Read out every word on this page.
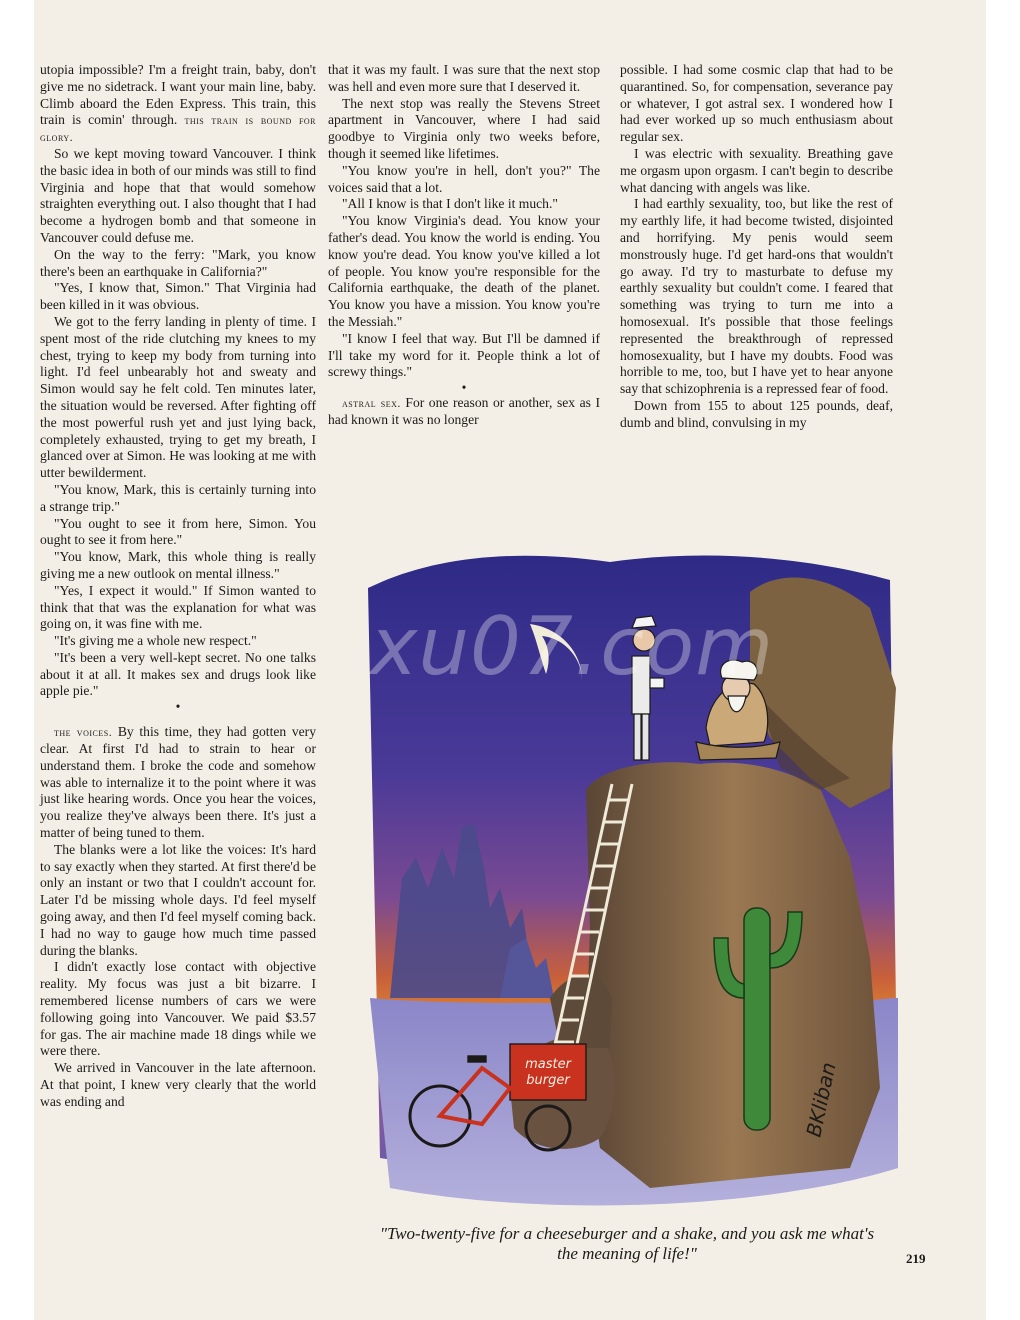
utopia impossible? I'm a freight train, baby, don't give me no sidetrack. I want your main line, baby. Climb aboard the Eden Express. This train, this train is comin' through. this train is bound for glory.

So we kept moving toward Vancouver. I think the basic idea in both of our minds was still to find Virginia and hope that that would somehow straighten everything out. I also thought that I had become a hydrogen bomb and that someone in Vancouver could defuse me.

On the way to the ferry: "Mark, you know there's been an earthquake in California?"

"Yes, I know that, Simon." That Virginia had been killed in it was obvious.

We got to the ferry landing in plenty of time. I spent most of the ride clutching my knees to my chest, trying to keep my body from turning into light. I'd feel unbearably hot and sweaty and Simon would say he felt cold. Ten minutes later, the situation would be reversed. After fighting off the most powerful rush yet and just lying back, completely exhausted, trying to get my breath, I glanced over at Simon. He was looking at me with utter bewilderment.

"You know, Mark, this is certainly turning into a strange trip."

"You ought to see it from here, Simon. You ought to see it from here."

"You know, Mark, this whole thing is really giving me a new outlook on mental illness."

"Yes, I expect it would." If Simon wanted to think that that was the explanation for what was going on, it was fine with me.

"It's giving me a whole new respect."

"It's been a very well-kept secret. No one talks about it at all. It makes sex and drugs look like apple pie."

•

the voices. By this time, they had gotten very clear. At first I'd had to strain to hear or understand them. I broke the code and somehow was able to internalize it to the point where it was just like hearing words. Once you hear the voices, you realize they've always been there. It's just a matter of being tuned to them.

The blanks were a lot like the voices: It's hard to say exactly when they started. At first there'd be only an instant or two that I couldn't account for. Later I'd be missing whole days. I'd feel myself going away, and then I'd feel myself coming back. I had no way to gauge how much time passed during the blanks.

I didn't exactly lose contact with objective reality. My focus was just a bit bizarre. I remembered license numbers of cars we were following going into Vancouver. We paid $3.57 for gas. The air machine made 18 dings while we were there.

We arrived in Vancouver in the late afternoon. At that point, I knew very clearly that the world was ending and

that it was my fault. I was sure that the next stop was hell and even more sure that I deserved it.

The next stop was really the Stevens Street apartment in Vancouver, where I had said goodbye to Virginia only two weeks before, though it seemed like lifetimes.

"You know you're in hell, don't you?" The voices said that a lot.

"All I know is that I don't like it much."

"You know Virginia's dead. You know your father's dead. You know the world is ending. You know you're dead. You know you've killed a lot of people. You know you're responsible for the California earthquake, the death of the planet. You know you have a mission. You know you're the Messiah."

"I know I feel that way. But I'll be damned if I'll take my word for it. People think a lot of screwy things."

•

astral sex. For one reason or another, sex as I had known it was no longer

possible. I had some cosmic clap that had to be quarantined. So, for compensation, severance pay or whatever, I got astral sex. I wondered how I had ever worked up so much enthusiasm about regular sex.

I was electric with sexuality. Breathing gave me orgasm upon orgasm. I can't begin to describe what dancing with angels was like.

I had earthly sexuality, too, but like the rest of my earthly life, it had become twisted, disjointed and horrifying. My penis would seem monstrously huge. I'd get hard-ons that wouldn't go away. I'd try to masturbate to defuse my earthly sexuality but couldn't come. I feared that something was trying to turn me into a homosexual. It's possible that those feelings represented the breakthrough of repressed homosexuality, but I have my doubts. Food was horrible to me, too, but I have yet to hear anyone say that schizophrenia is a repressed fear of food.

Down from 155 to about 125 pounds, deaf, dumb and blind, convulsing in my

master
burger	BKliban
xu07.com
"Two-twenty-five for a cheeseburger and a shake, and you ask me what's the meaning of life!"	219
